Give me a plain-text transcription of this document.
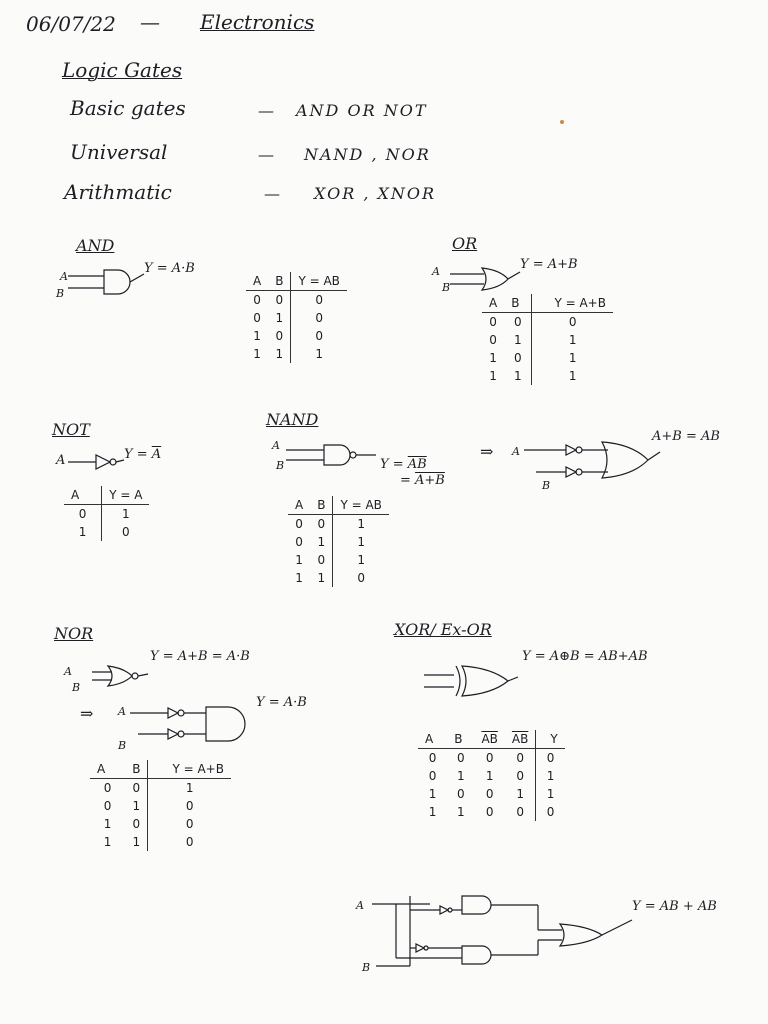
06/07/22 — Electronics
Logic Gates
Basic gates	— AND OR NOT
Universal	— NAND , NOR
Arithmatic	— XOR , XNOR
AND
A
B
Y = A·B
A	B	Y = AB
0	0	0
0	1	0
1	0	0
1	1	1
OR
A
B
Y = A+B
A	B	Y = A+B
0	0	0
0	1	1
1	0	1
1	1	1
NOT
A	$Y = \overline{A}$
A	Y = A
0	1
1	0
NAND
A
B	$Y = \overline{AB}$
= A+B
⇒ A
B
A+B = AB
A	B	Y = AB
0	0	1
0	1	1
1	0	1
1	1	0
NOR
A
B
Y = A+B = A·B
⇒ A
B
Y = A·B
A	B	Y = A+B
0	0	1
0	1	0
1	0	0
1	1	0
XOR/ Ex-OR
Y = A⊕B = AB+AB
A	B	$\overline{AB}$	$\overline{AB}$	Y
0	0	0	0	0
0	1	1	0	1
1	0	0	1	1
1	1	0	0	0
A
B
Y = AB + AB
